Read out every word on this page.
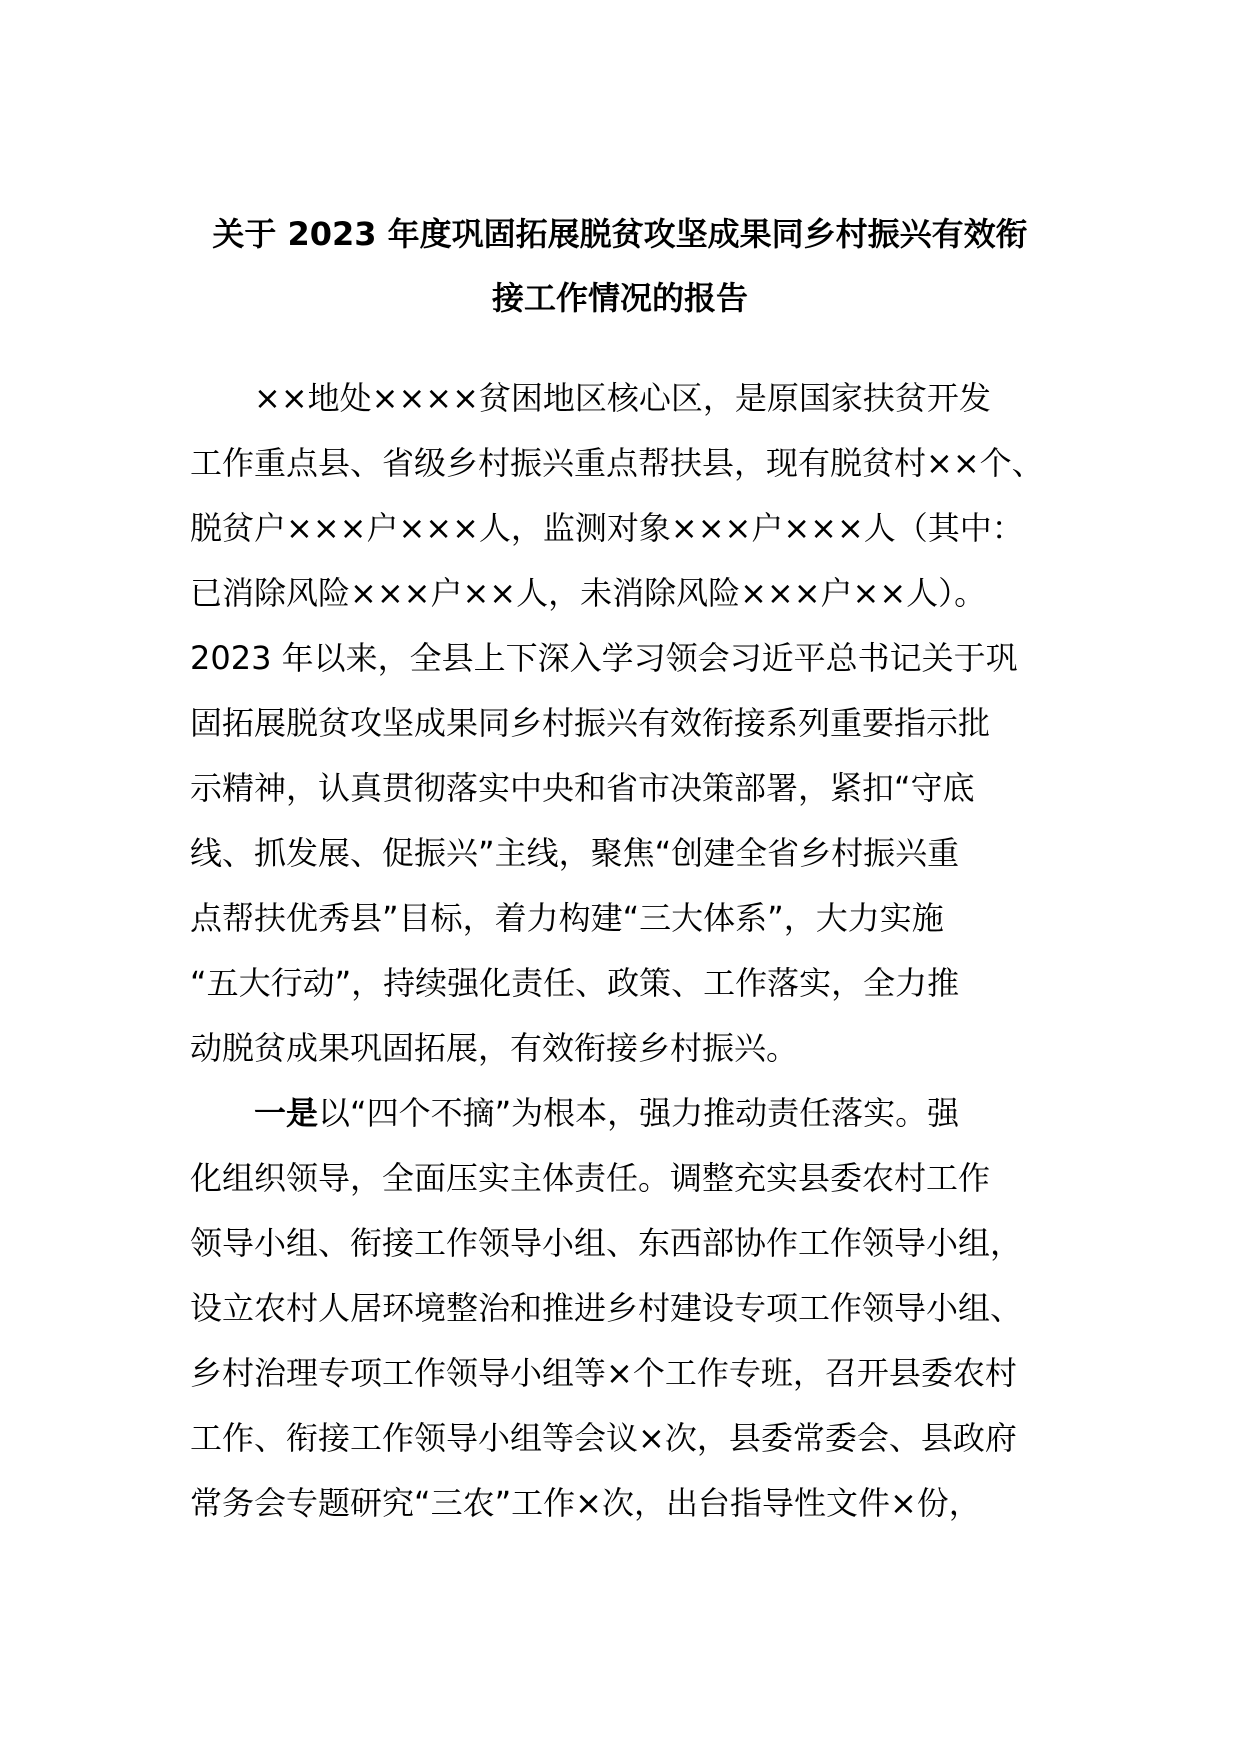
关于 2023 年度巩固拓展脱贫攻坚成果同乡村振兴有效衔
接工作情况的报告
××地处××××贫困地区核心区，是原国家扶贫开发
工作重点县、省级乡村振兴重点帮扶县，现有脱贫村××个、
脱贫户×××户×××人，监测对象×××户×××人（其中：
已消除风险×××户××人，未消除风险×××户××人）。
2023 年以来，全县上下深入学习领会习近平总书记关于巩
固拓展脱贫攻坚成果同乡村振兴有效衔接系列重要指示批
示精神，认真贯彻落实中央和省市决策部署，紧扣“守底
线、抓发展、促振兴”主线，聚焦“创建全省乡村振兴重
点帮扶优秀县”目标，着力构建“三大体系”，大力实施
“五大行动”，持续强化责任、政策、工作落实，全力推
动脱贫成果巩固拓展，有效衔接乡村振兴。
一是以“四个不摘”为根本，强力推动责任落实。强
化组织领导，全面压实主体责任。调整充实县委农村工作
领导小组、衔接工作领导小组、东西部协作工作领导小组，
设立农村人居环境整治和推进乡村建设专项工作领导小组、
乡村治理专项工作领导小组等×个工作专班，召开县委农村
工作、衔接工作领导小组等会议×次，县委常委会、县政府
常务会专题研究“三农”工作×次，出台指导性文件×份，
